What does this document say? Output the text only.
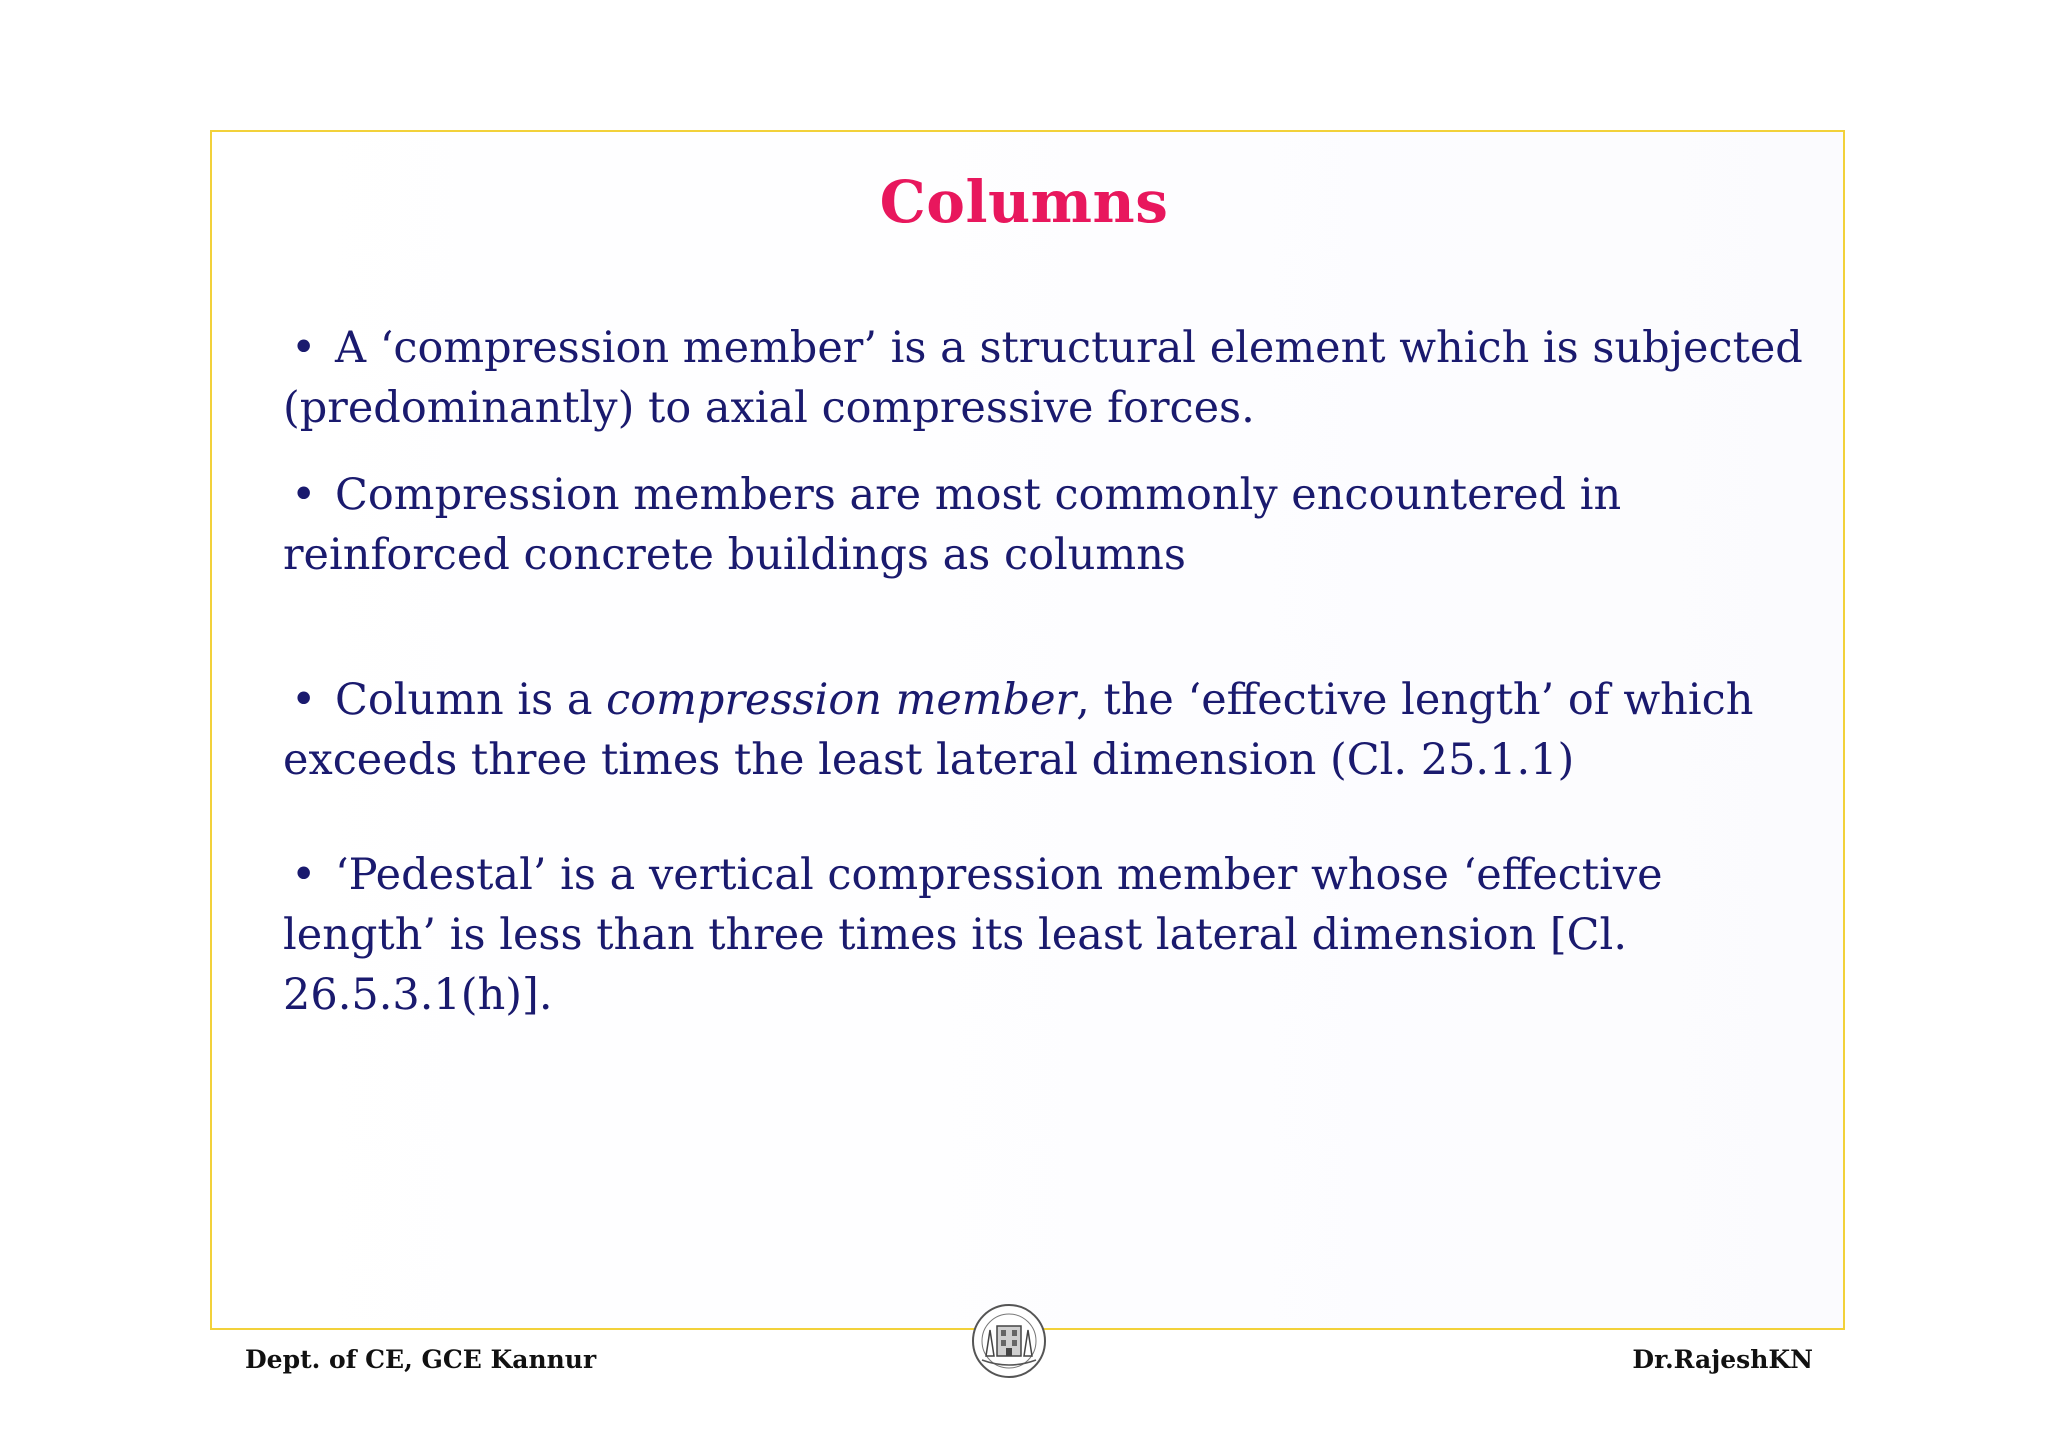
Columns
• A ‘compression member’ is a structural element which is subjected (predominantly) to axial compressive forces.
• Compression members are most commonly encountered in reinforced concrete buildings as columns
• Column is a compression member, the ‘effective length’ of which exceeds three times the least lateral dimension (Cl. 25.1.1)
• ‘Pedestal’ is a vertical compression member whose ‘effective length’ is less than three times its least lateral dimension [Cl. 26.5.3.1(h)].
Dept. of CE, GCE Kannur	Dr.RajeshKN
